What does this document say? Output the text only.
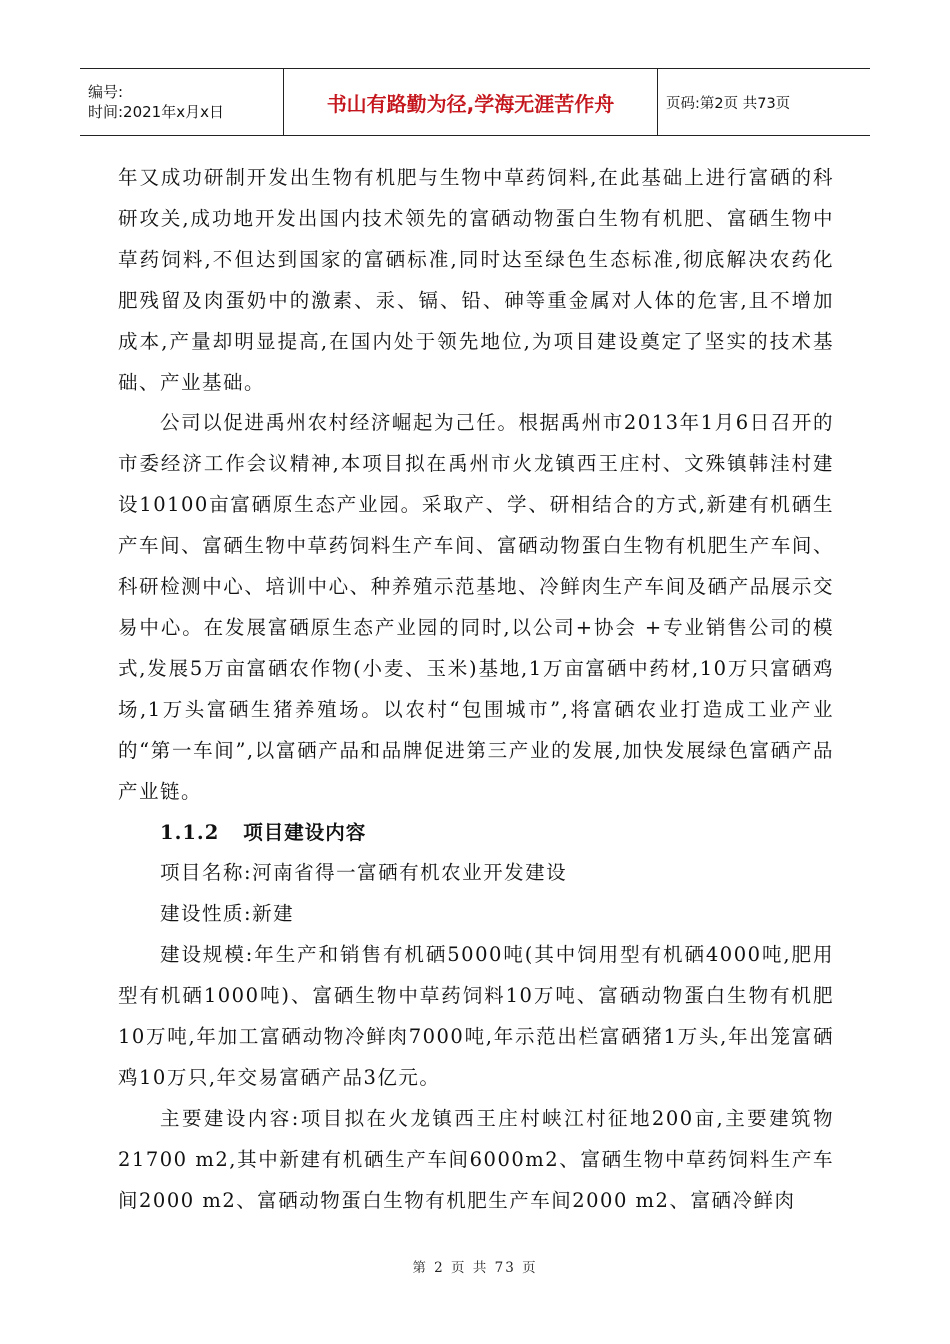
编号:
时间:2021年x月x日	书山有路勤为径,学海无涯苦作舟	页码:第2页 共73页

年又成功研制开发出生物有机肥与生物中草药饲料,在此基础上进行富硒的科研攻关,成功地开发出国内技术领先的富硒动物蛋白生物有机肥、富硒生物中草药饲料,不但达到国家的富硒标准,同时达至绿色生态标准,彻底解决农药化肥残留及肉蛋奶中的激素、汞、镉、铅、砷等重金属对人体的危害,且不增加成本,产量却明显提高,在国内处于领先地位,为项目建设奠定了坚实的技术基础、产业基础。

公司以促进禹州农村经济崛起为己任。根据禹州市2013年1月6日召开的市委经济工作会议精神,本项目拟在禹州市火龙镇西王庄村、文殊镇韩洼村建设10100亩富硒原生态产业园。采取产、学、研相结合的方式,新建有机硒生产车间、富硒生物中草药饲料生产车间、富硒动物蛋白生物有机肥生产车间、科研检测中心、培训中心、种养殖示范基地、冷鲜肉生产车间及硒产品展示交易中心。在发展富硒原生态产业园的同时,以公司+协会 +专业销售公司的模式,发展5万亩富硒农作物(小麦、玉米)基地,1万亩富硒中药材,10万只富硒鸡场,1万头富硒生猪养殖场。以农村“包围城市”,将富硒农业打造成工业产业的“第一车间”,以富硒产品和品牌促进第三产业的发展,加快发展绿色富硒产品产业链。

1.1.2 项目建设内容

项目名称:河南省得一富硒有机农业开发建设

建设性质:新建

建设规模:年生产和销售有机硒5000吨(其中饲用型有机硒4000吨,肥用型有机硒1000吨)、富硒生物中草药饲料10万吨、富硒动物蛋白生物有机肥10万吨,年加工富硒动物冷鲜肉7000吨,年示范出栏富硒猪1万头,年出笼富硒鸡10万只,年交易富硒产品3亿元。

主要建设内容:项目拟在火龙镇西王庄村峡江村征地200亩,主要建筑物21700 m2,其中新建有机硒生产车间6000m2、富硒生物中草药饲料生产车间2000 m2、富硒动物蛋白生物有机肥生产车间2000 m2、富硒冷鲜肉

第 2 页 共 73 页
